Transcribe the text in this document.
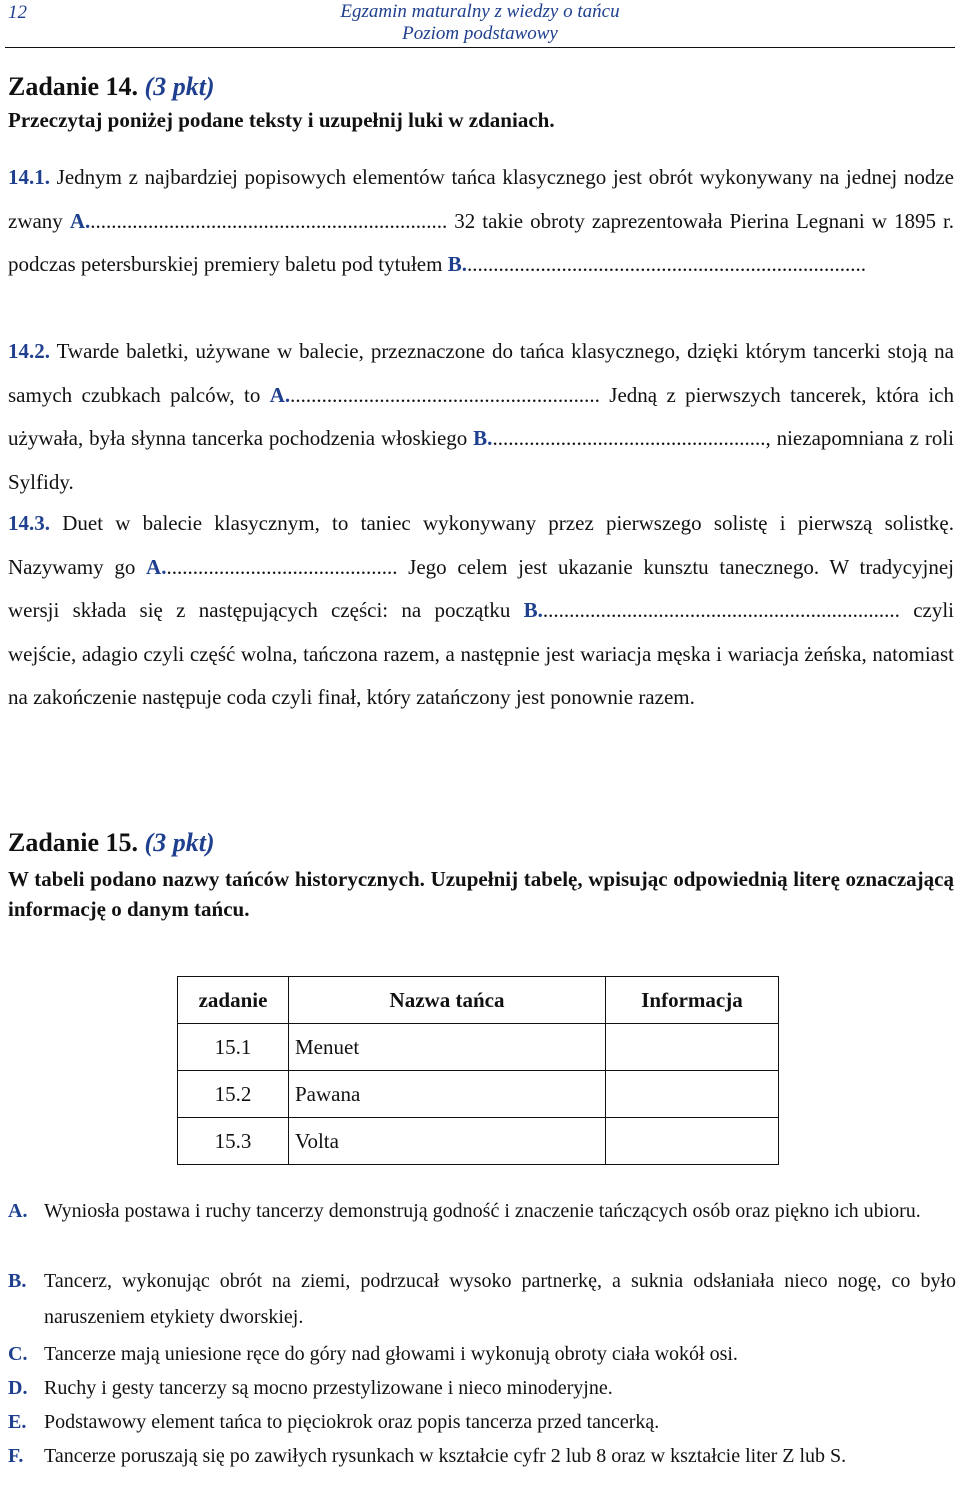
12	Egzamin maturalny z wiedzy o tańcu
Poziom podstawowy
Zadanie 14. (3 pkt)
Przeczytaj poniżej podane teksty i uzupełnij luki w zdaniach.
14.1. Jednym z najbardziej popisowych elementów tańca klasycznego jest obrót wykonywany na jednej nodze zwany A..................................................................... 32 takie obroty zaprezentowała Pierina Legnani w 1895 r. podczas petersburskiej premiery baletu pod tytułem B.............................................................................
14.2. Twarde baletki, używane w balecie, przeznaczone do tańca klasycznego, dzięki którym tancerki stoją na samych czubkach palców, to A............................................................ Jedną z pierwszych tancerek, która ich używała, była słynna tancerka pochodzenia włoskiego B....................................................., niezapomniana z roli Sylfidy.
14.3. Duet w balecie klasycznym, to taniec wykonywany przez pierwszego solistę i pierwszą solistkę. Nazywamy go A............................................. Jego celem jest ukazanie kunsztu tanecznego. W tradycyjnej wersji składa się z następujących części: na początku B..................................................................... czyli wejście, adagio czyli część wolna, tańczona razem, a następnie jest wariacja męska i wariacja żeńska, natomiast na zakończenie następuje coda czyli finał, który zatańczony jest ponownie razem.
Zadanie 15. (3 pkt)
W tabeli podano nazwy tańców historycznych. Uzupełnij tabelę, wpisując odpowiednią literę oznaczającą informację o danym tańcu.
zadanie	Nazwa tańca	Informacja
15.1	Menuet	
15.2	Pawana	
15.3	Volta	
A. Wyniosła postawa i ruchy tancerzy demonstrują godność i znaczenie tańczących osób oraz piękno ich ubioru.
B. Tancerz, wykonując obrót na ziemi, podrzucał wysoko partnerkę, a suknia odsłaniała nieco nogę, co było naruszeniem etykiety dworskiej.
C. Tancerze mają uniesione ręce do góry nad głowami i wykonują obroty ciała wokół osi.
D. Ruchy i gesty tancerzy są mocno przestylizowane i nieco minoderyjne.
E. Podstawowy element tańca to pięciokrok oraz popis tancerza przed tancerką.
F. Tancerze poruszają się po zawiłych rysunkach w kształcie cyfr 2 lub 8 oraz w kształcie liter Z lub S.
